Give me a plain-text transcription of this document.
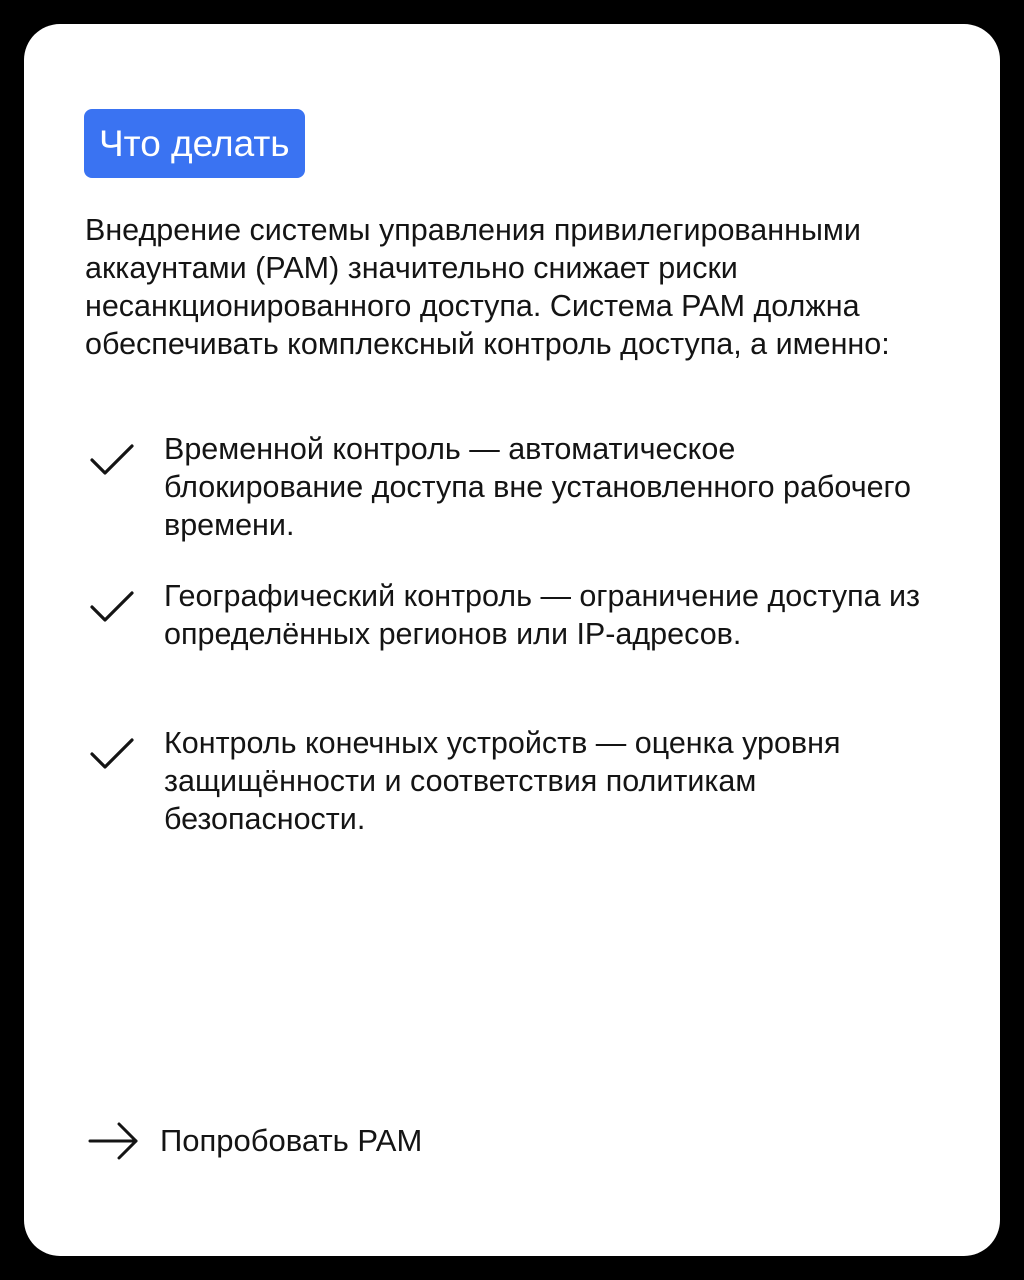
Что делать

Внедрение системы управления привилегированными аккаунтами (PAM) значительно снижает риски несанкционированного доступа. Система PAM должна обеспечивать комплексный контроль доступа, а именно:

Временной контроль — автоматическое блокирование доступа вне установленного рабочего времени.
Географический контроль — ограничение доступа из определённых регионов или IP-адресов.
Контроль конечных устройств — оценка уровня защищённости и соответствия политикам безопасности.
Попробовать PAM
